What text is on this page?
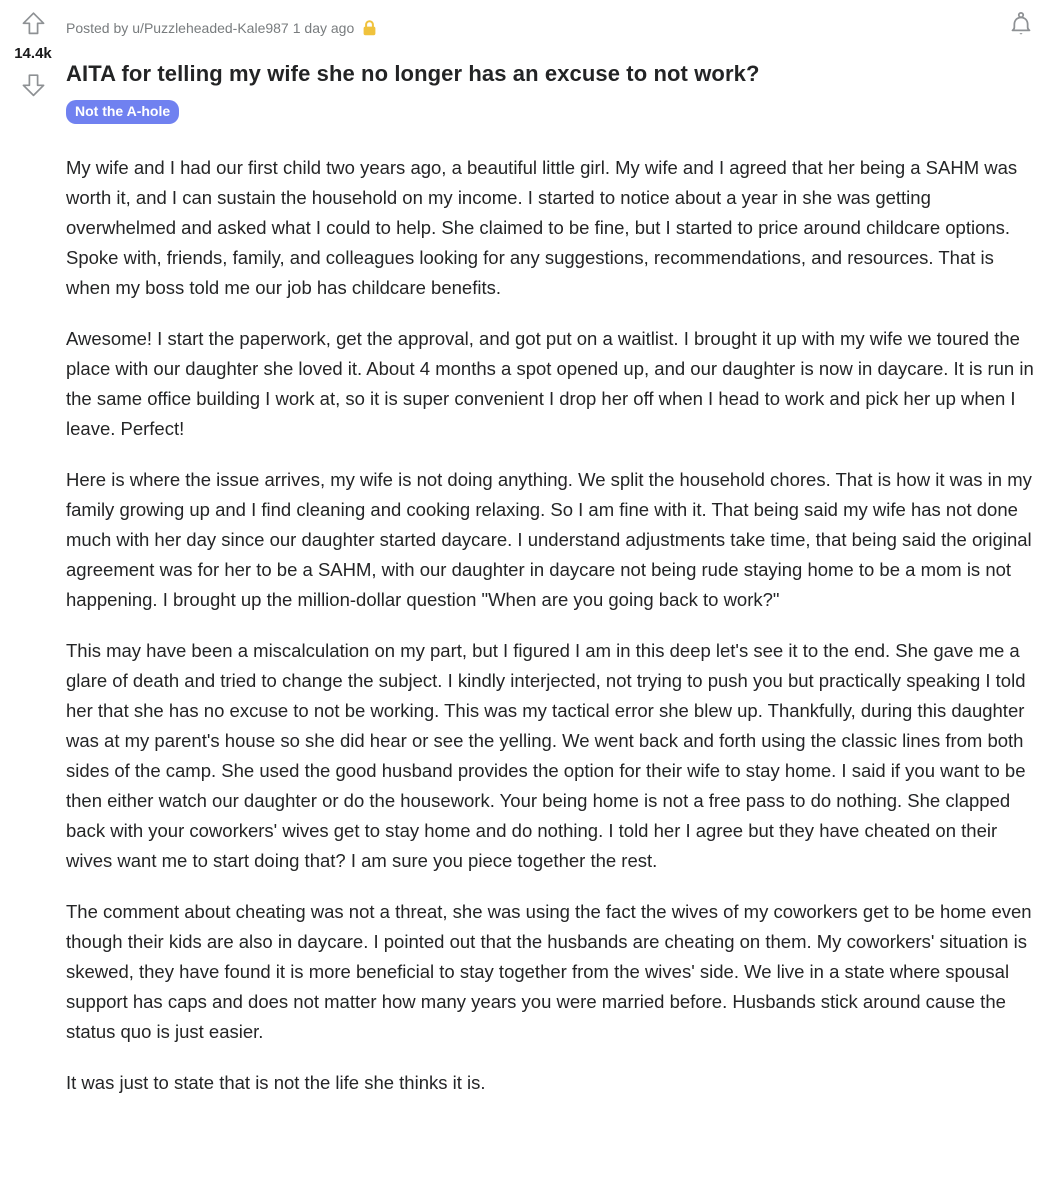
14.4k
Posted by u/Puzzleheaded-Kale987 1 day ago
AITA for telling my wife she no longer has an excuse to not work?
Not the A-hole

My wife and I had our first child two years ago, a beautiful little girl. My wife and I agreed that her being a SAHM was worth it, and I can sustain the household on my income. I started to notice about a year in she was getting overwhelmed and asked what I could to help. She claimed to be fine, but I started to price around childcare options. Spoke with, friends, family, and colleagues looking for any suggestions, recommendations, and resources. That is when my boss told me our job has childcare benefits.

Awesome! I start the paperwork, get the approval, and got put on a waitlist. I brought it up with my wife we toured the place with our daughter she loved it. About 4 months a spot opened up, and our daughter is now in daycare. It is run in the same office building I work at, so it is super convenient I drop her off when I head to work and pick her up when I leave. Perfect!

Here is where the issue arrives, my wife is not doing anything. We split the household chores. That is how it was in my family growing up and I find cleaning and cooking relaxing. So I am fine with it. That being said my wife has not done much with her day since our daughter started daycare. I understand adjustments take time, that being said the original agreement was for her to be a SAHM, with our daughter in daycare not being rude staying home to be a mom is not happening. I brought up the million-dollar question "When are you going back to work?"

This may have been a miscalculation on my part, but I figured I am in this deep let's see it to the end. She gave me a glare of death and tried to change the subject. I kindly interjected, not trying to push you but practically speaking I told her that she has no excuse to not be working. This was my tactical error she blew up. Thankfully, during this daughter was at my parent's house so she did hear or see the yelling. We went back and forth using the classic lines from both sides of the camp. She used the good husband provides the option for their wife to stay home. I said if you want to be then either watch our daughter or do the housework. Your being home is not a free pass to do nothing. She clapped back with your coworkers' wives get to stay home and do nothing. I told her I agree but they have cheated on their wives want me to start doing that? I am sure you piece together the rest.

The comment about cheating was not a threat, she was using the fact the wives of my coworkers get to be home even though their kids are also in daycare. I pointed out that the husbands are cheating on them. My coworkers' situation is skewed, they have found it is more beneficial to stay together from the wives' side. We live in a state where spousal support has caps and does not matter how many years you were married before. Husbands stick around cause the status quo is just easier.

It was just to state that is not the life she thinks it is.
